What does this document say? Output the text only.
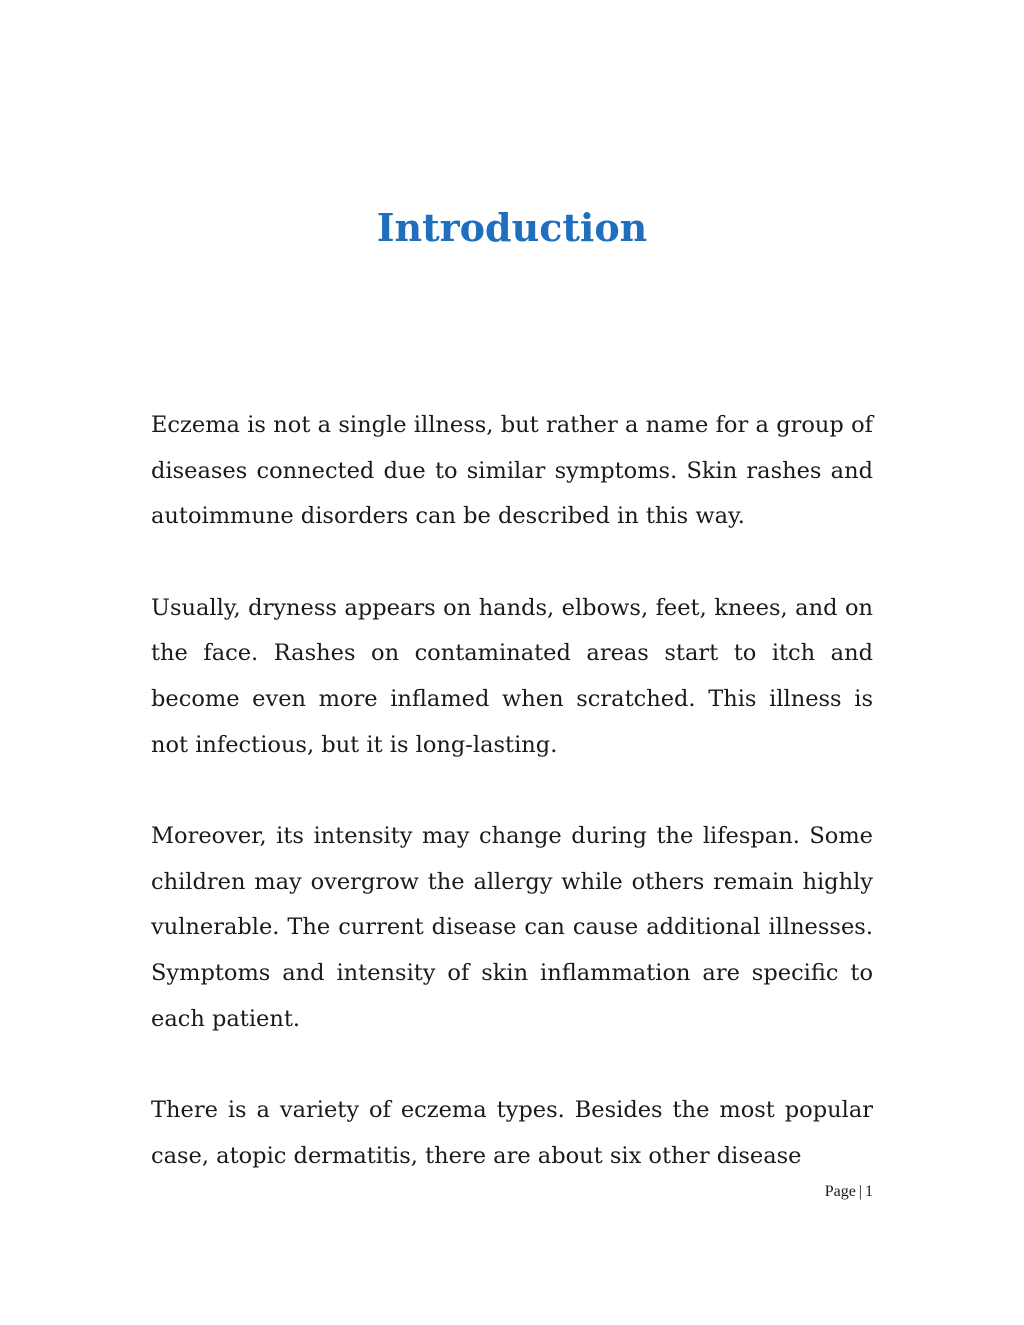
Introduction

Eczema is not a single illness, but rather a name for a group of diseases connected due to similar symptoms. Skin rashes and autoimmune disorders can be described in this way.

Usually, dryness appears on hands, elbows, feet, knees, and on the face. Rashes on contaminated areas start to itch and become even more inflamed when scratched. This illness is not infectious, but it is long-lasting.

Moreover, its intensity may change during the lifespan. Some children may overgrow the allergy while others remain highly vulnerable. The current disease can cause additional illnesses. Symptoms and intensity of skin inflammation are specific to each patient.

There is a variety of eczema types. Besides the most popular case, atopic dermatitis, there are about six other disease

Page | 1
